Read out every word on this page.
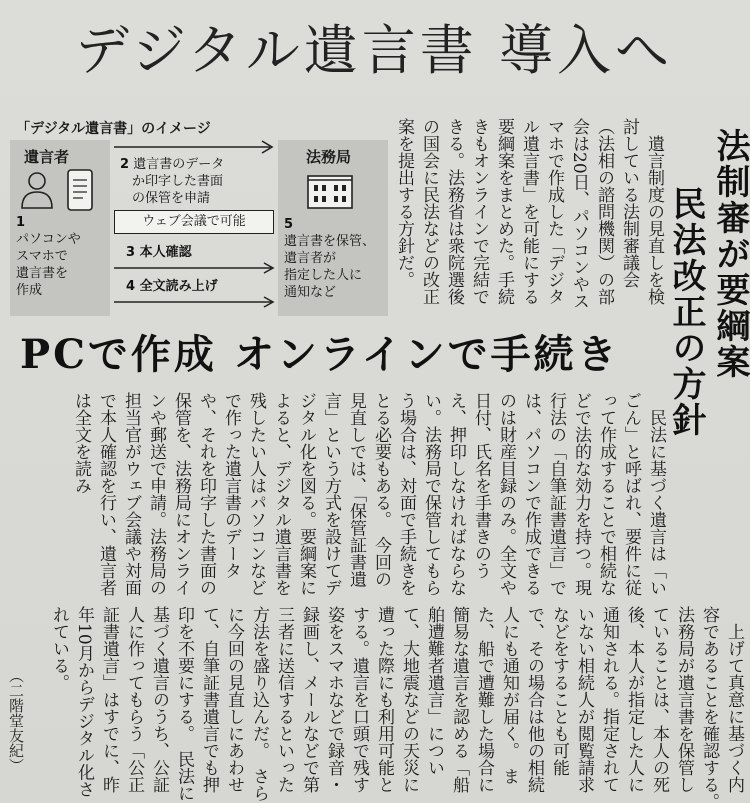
デジタル遺言書 導入へ
法制審が要綱案
民法改正の方針

遺言制度の見直しを検討している法制審議会（法相の諮問機関）の部会は20日、パソコンやスマホで作成した「デジタル遺言書」を可能にする要綱案をまとめた。手続きもオンラインで完結できる。法務省は衆院選後の国会に民法などの改正案を提出する方針だ。

「デジタル遺言書」のイメージ
遺言者	法務局
1
パソコンや
スマホで
遺言書を
作成
2 遺言書のデータ
か印字した書面
の保管を申請
ウェブ会議で可能
3 本人確認
4 全文読み上げ
5
遺言書を保管、
遺言者が
指定した人に
通知など
PCで作成 オンラインで手続き

民法に基づく遺言は「いごん」と呼ばれ、要件に従って作成することで相続などで法的な効力を持つ。現行法の「自筆証書遺言」では、パソコンで作成できるのは財産目録のみ。全文や日付、氏名を手書きのうえ、押印しなければならない。法務局で保管してもらう場合は、対面で手続きをとる必要もある。　今回の見直しでは、「保管証書遺言」という方式を設けてデジタル化を図る。要綱案によると、デジタル遺言書を残したい人はパソコンなどで作った遺言書のデータや、それを印字した書面の保管を、法務局にオンラインや郵送で申請。法務局の担当官がウェブ会議や対面で本人確認を行い、遺言者は全文を読み

上げて真意に基づく内容であることを確認する。　法務局が遺言書を保管していることは、本人の死後、本人が指定した人に通知される。指定されていない相続人が閲覧請求などをすることも可能で、その場合は他の相続人にも通知が届く。　また、船で遭難した場合に簡易な遺言を認める「船舶遭難者遺言」について、大地震などの天災に遭った際にも利用可能とする。遺言を口頭で残す姿をスマホなどで録音・録画し、メールなどで第三者に送信するといった方法を盛り込んだ。　さらに今回の見直しにあわせて、自筆証書遺言でも押印を不要にする。　民法に基づく遺言のうち、公証人に作ってもらう「公正証書遺言」はすでに、昨年10月からデジタル化されている。

（二階堂友紀）
